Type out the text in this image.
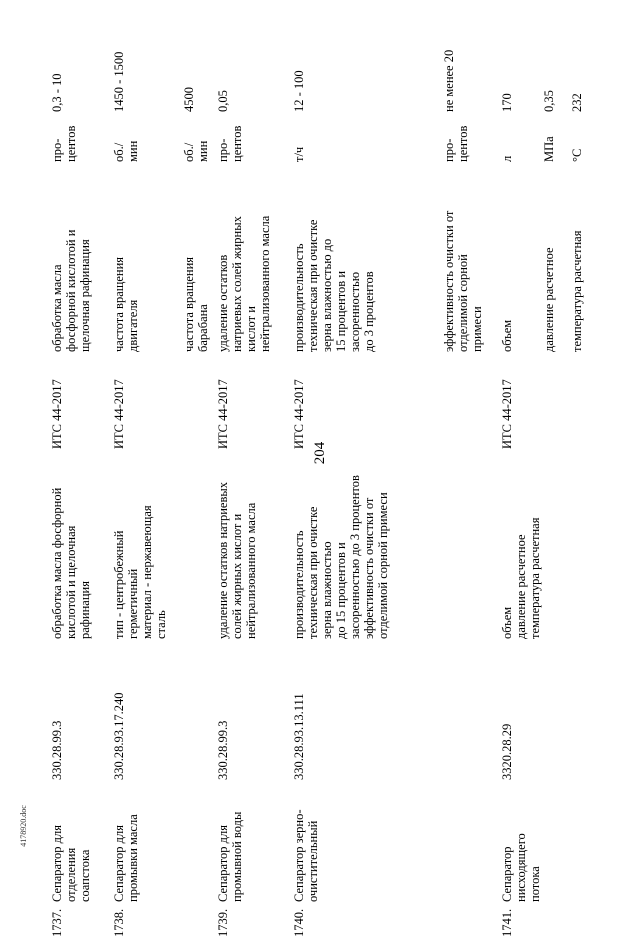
204
4178920.doc
1737.
Сепаратор для отделения соапстока
330.28.99.3
обработка масла фосфорной кислотой и щелочная рафинация
ИТС 44-2017
обработка масла фосфорной кислотой и щелочная рафинация
про- центов
0,3 - 10
1738.
Сепаратор для промывки масла
330.28.93.17.240
тип - центробежный герметичный материал - нержавеющая сталь
ИТС 44-2017
частота вращения двигателя
об./ мин
1450 - 1500
частота вращения барабана
об./ мин
4500
1739.
Сепаратор для промывной воды
330.28.99.3
удаление остатков натриевых солей жирных кислот и нейтрализованного масла
ИТС 44-2017
удаление остатков натриевых солей жирных кислот и нейтрализованного масла
про- центов
0,05
1740.
Сепаратор зерно- очистительный
330.28.93.13.111
производительность техническая при очистке зерна влажностью до 15 процентов и засоренностью до 3 процентов эффективность очистки от отделимой сорной примеси
ИТС 44-2017
производительность техническая при очистке зерна влажностью до 15 процентов и засоренностью до 3 процентов
т/ч
12 - 100
эффективность очистки от отделимой сорной примеси
про- центов
не менее 20
1741.
Сепаратор нисходящего потока
3320.28.29
объем давление расчетное температура расчетная
ИТС 44-2017
объем
л
170
давление расчетное
МПа
0,35
температура расчетная
°С
232
